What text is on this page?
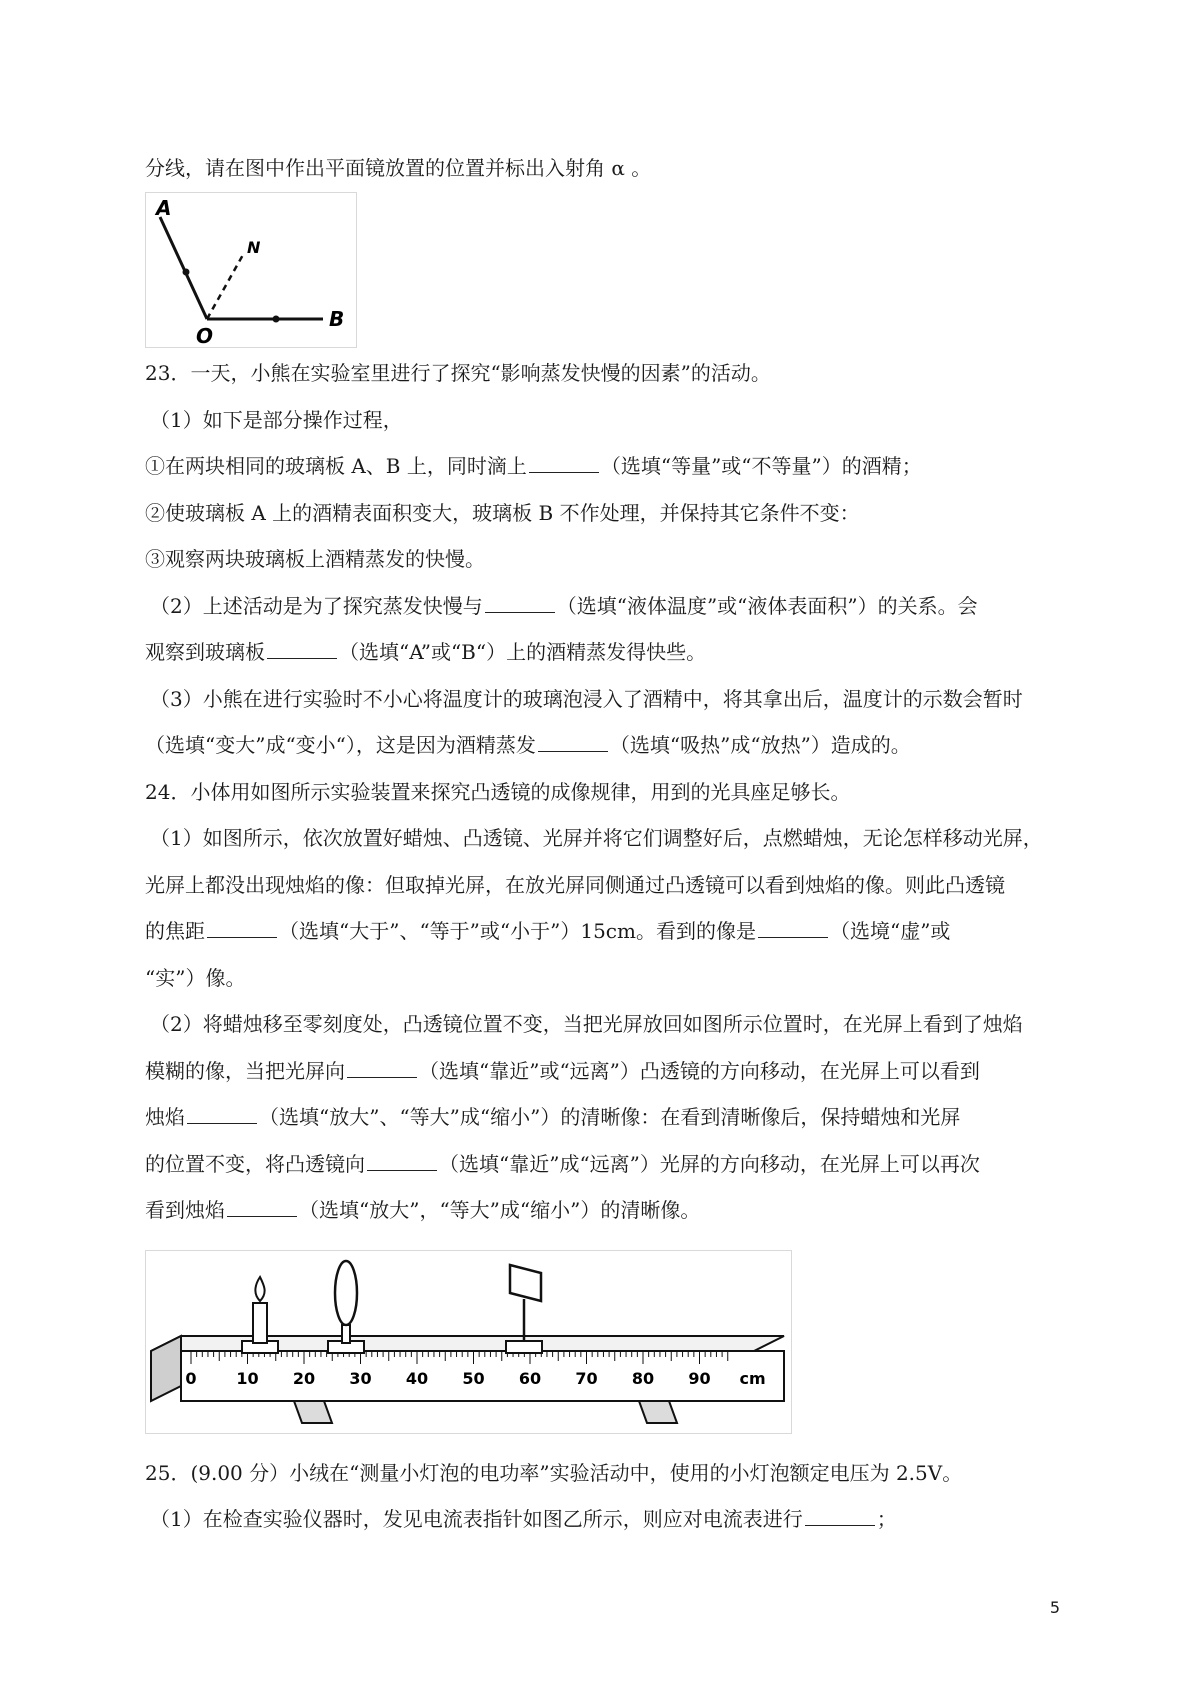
分线，请在图中作出平面镜放置的位置并标出入射角 α 。
A
N
O
B
23．一天，小熊在实验室里进行了探究“影响蒸发快慢的因素”的活动。
（1）如下是部分操作过程，
①在两块相同的玻璃板 A、B 上，同时滴上	（选填“等量”或“不等量”）的酒精；
②使玻璃板 A 上的酒精表面积变大，玻璃板 B 不作处理，并保持其它条件不变：
③观察两块玻璃板上酒精蒸发的快慢。
（2）上述活动是为了探究蒸发快慢与	（选填“液体温度”或“液体表面积”）的关系。会
观察到玻璃板	（选填“A”或“B“）上的酒精蒸发得快些。
（3）小熊在进行实验时不小心将温度计的玻璃泡浸入了酒精中，将其拿出后，温度计的示数会暂时
（选填“变大”成“变小“），这是因为酒精蒸发	（选填“吸热”成“放热”）造成的。
24．小体用如图所示实验装置来探究凸透镜的成像规律，用到的光具座足够长。
（1）如图所示，依次放置好蜡烛、凸透镜、光屏并将它们调整好后，点燃蜡烛，无论怎样移动光屏，
光屏上都没出现烛焰的像：但取掉光屏，在放光屏同侧通过凸透镜可以看到烛焰的像。则此凸透镜
的焦距	（选填“大于”、“等于”或“小于”）15cm。看到的像是	（选境“虚”或
“实”）像。
（2）将蜡烛移至零刻度处，凸透镜位置不变，当把光屏放回如图所示位置时，在光屏上看到了烛焰
模糊的像，当把光屏向	（选填“靠近”或“远离”）凸透镜的方向移动，在光屏上可以看到
烛焰	（选填“放大”、“等大”成“缩小”）的清晰像：在看到清晰像后，保持蜡烛和光屏
的位置不变，将凸透镜向	（选填“靠近”成“远离”）光屏的方向移动，在光屏上可以再次
看到烛焰	（选填“放大”，“等大”成“缩小”）的清晰像。
0 10 20 30 40 50 60 70 80 90 cm
25．(9.00 分）小绒在“测量小灯泡的电功率”实验活动中，使用的小灯泡额定电压为 2.5V。
（1）在检查实验仪器时，发见电流表指针如图乙所示，则应对电流表进行	；
5
